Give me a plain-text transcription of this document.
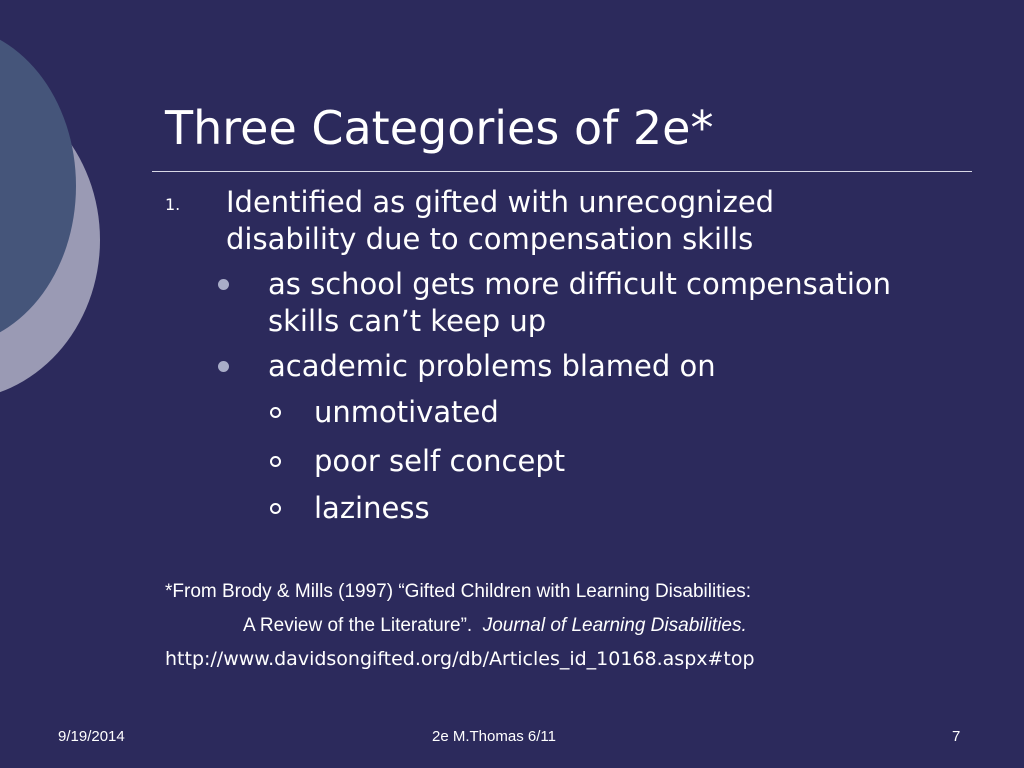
Three Categories of 2e*
1. Identified as gifted with unrecognized
disability due to compensation skills
as school gets more difficult compensation
skills can’t keep up
academic problems blamed on
unmotivated
poor self concept
laziness
*From Brody & Mills (1997) “Gifted Children with Learning Disabilities:
A Review of the Literature”. Journal of Learning Disabilities.
http://www.davidsongifted.org/db/Articles_id_10168.aspx#top
9/19/2014	2e M.Thomas 6/11	7
